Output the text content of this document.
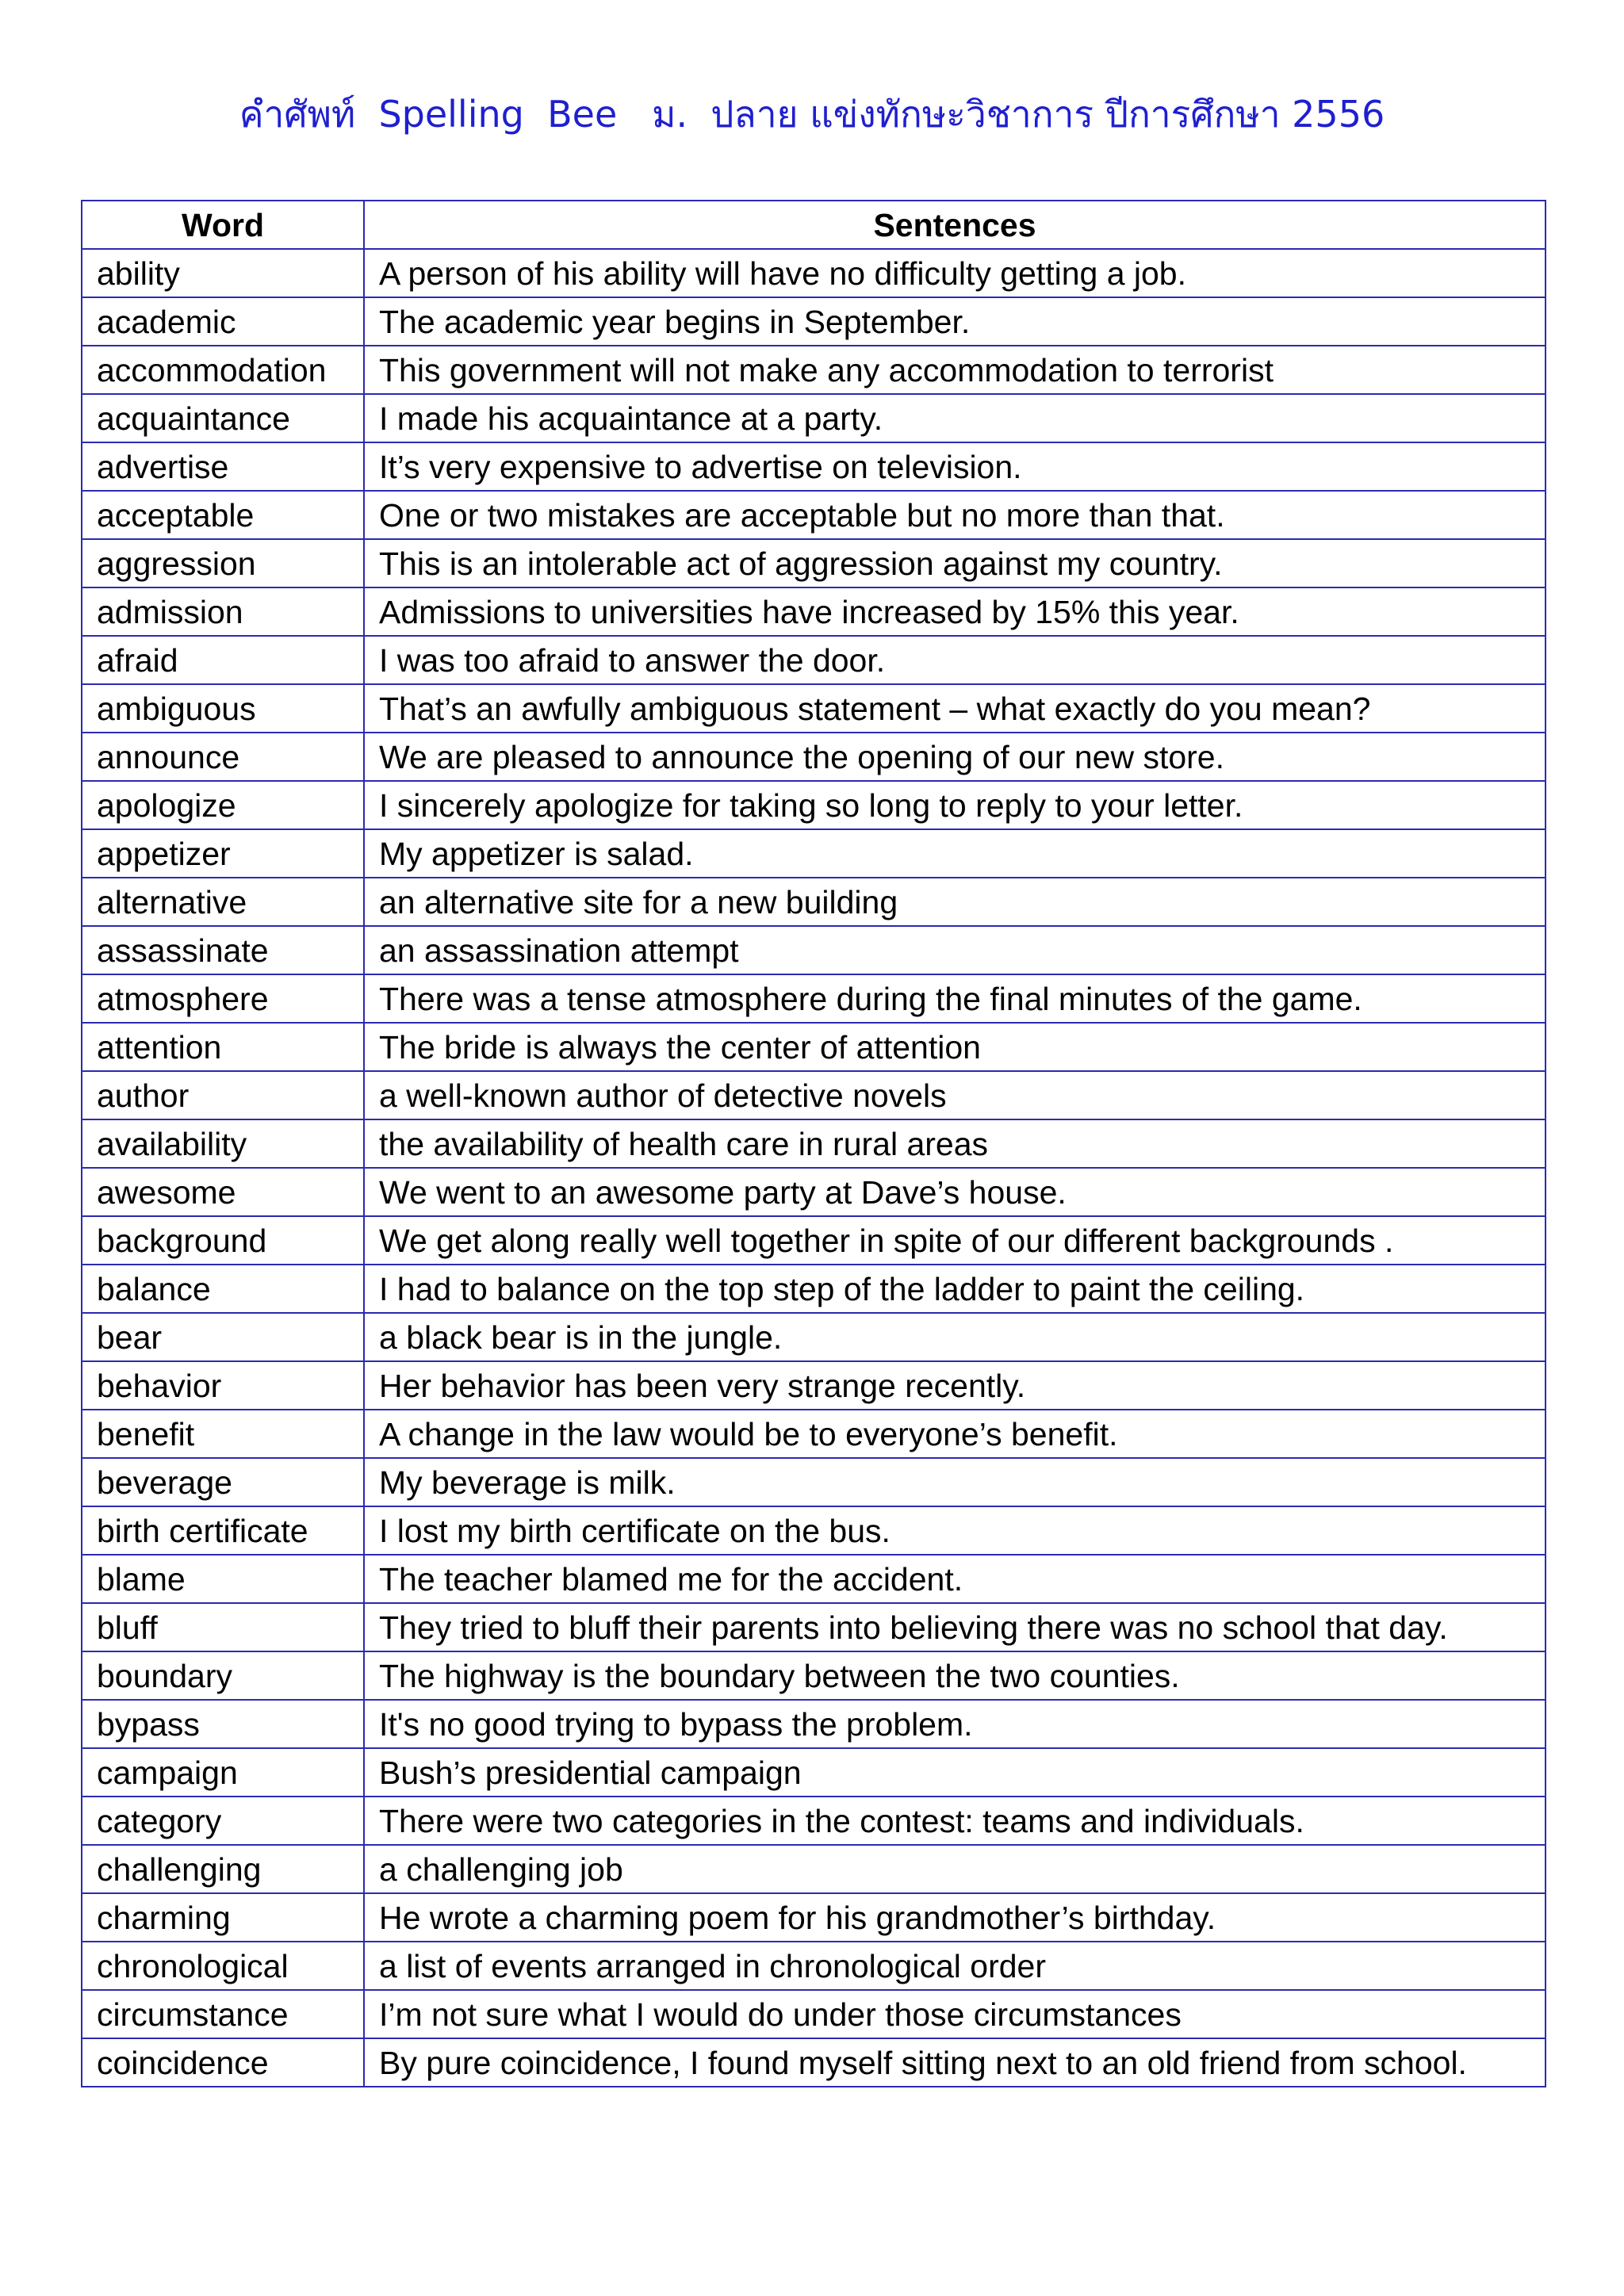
คำศัพท์  Spelling  Bee   ม.  ปลาย แข่งทักษะวิชาการ ปีการศึกษา 2556
Word	Sentences
ability	A person of his ability will have no difficulty getting a job.
academic	The academic year begins in September.
accommodation	This government will not make any accommodation to terrorist
acquaintance	I made his acquaintance at a party.
advertise	It’s very expensive to advertise on television.
acceptable	One or two mistakes are acceptable but no more than that.
aggression	This is an intolerable act of aggression against my country.
admission	Admissions to universities have increased by 15% this year.
afraid	I was too afraid to answer the door.
ambiguous	That’s an awfully ambiguous statement – what exactly do you mean?
announce	We are pleased to announce the opening of our new store.
apologize	I sincerely apologize for taking so long to reply to your letter.
appetizer	My appetizer is salad.
alternative	an alternative site for a new building
assassinate	an assassination attempt
atmosphere	There was a tense atmosphere during the final minutes of the game.
attention	The bride is always the center of attention
author	a well-known author of detective novels
availability	the availability of health care in rural areas
awesome	We went to an awesome party at Dave’s house.
background	We get along really well together in spite of our different backgrounds .
balance	I had to balance on the top step of the ladder to paint the ceiling.
bear	a black bear is in the jungle.
behavior	Her behavior has been very strange recently.
benefit	A change in the law would be to everyone’s benefit.
beverage	My beverage is milk.
birth certificate	I lost my birth certificate on the bus.
blame	The teacher blamed me for the accident.
bluff	They tried to bluff their parents into believing there was no school that day.
boundary	The highway is the boundary between the two counties.
bypass	It's no good trying to bypass the problem.
campaign	Bush’s presidential campaign
category	There were two categories in the contest: teams and individuals.
challenging	a challenging job
charming	He wrote a charming poem for his grandmother’s birthday.
chronological	a list of events arranged in chronological order
circumstance	I’m not sure what I would do under those circumstances
coincidence	By pure coincidence, I found myself sitting next to an old friend from school.
